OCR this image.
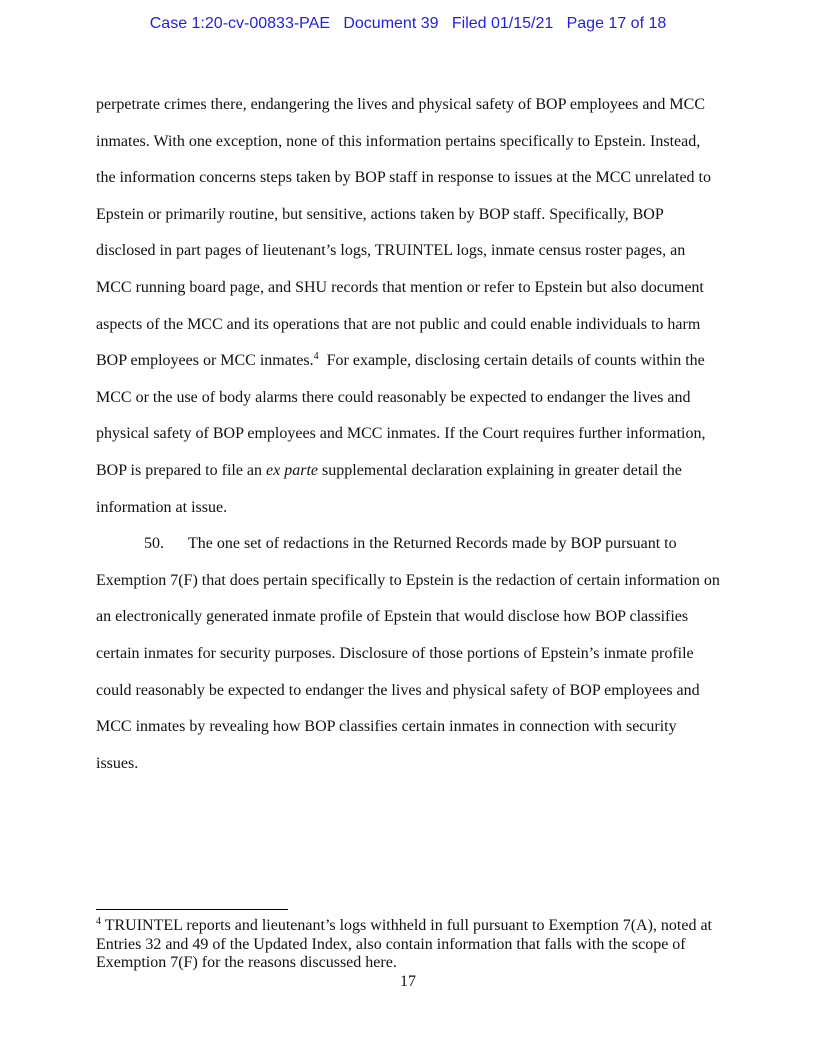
Case 1:20-cv-00833-PAE Document 39 Filed 01/15/21 Page 17 of 18
perpetrate crimes there, endangering the lives and physical safety of BOP employees and MCC
inmates. With one exception, none of this information pertains specifically to Epstein. Instead,
the information concerns steps taken by BOP staff in response to issues at the MCC unrelated to
Epstein or primarily routine, but sensitive, actions taken by BOP staff. Specifically, BOP
disclosed in part pages of lieutenant’s logs, TRUINTEL logs, inmate census roster pages, an
MCC running board page, and SHU records that mention or refer to Epstein but also document
aspects of the MCC and its operations that are not public and could enable individuals to harm
BOP employees or MCC inmates.$^4$  For example, disclosing certain details of counts within the
MCC or the use of body alarms there could reasonably be expected to endanger the lives and
physical safety of BOP employees and MCC inmates. If the Court requires further information,
BOP is prepared to file an ex parte supplemental declaration explaining in greater detail the
information at issue.
50. The one set of redactions in the Returned Records made by BOP pursuant to
Exemption 7(F) that does pertain specifically to Epstein is the redaction of certain information on
an electronically generated inmate profile of Epstein that would disclose how BOP classifies
certain inmates for security purposes. Disclosure of those portions of Epstein’s inmate profile
could reasonably be expected to endanger the lives and physical safety of BOP employees and
MCC inmates by revealing how BOP classifies certain inmates in connection with security
issues.
$^4$ TRUINTEL reports and lieutenant’s logs withheld in full pursuant to Exemption 7(A), noted at
Entries 32 and 49 of the Updated Index, also contain information that falls with the scope of
Exemption 7(F) for the reasons discussed here.
17
